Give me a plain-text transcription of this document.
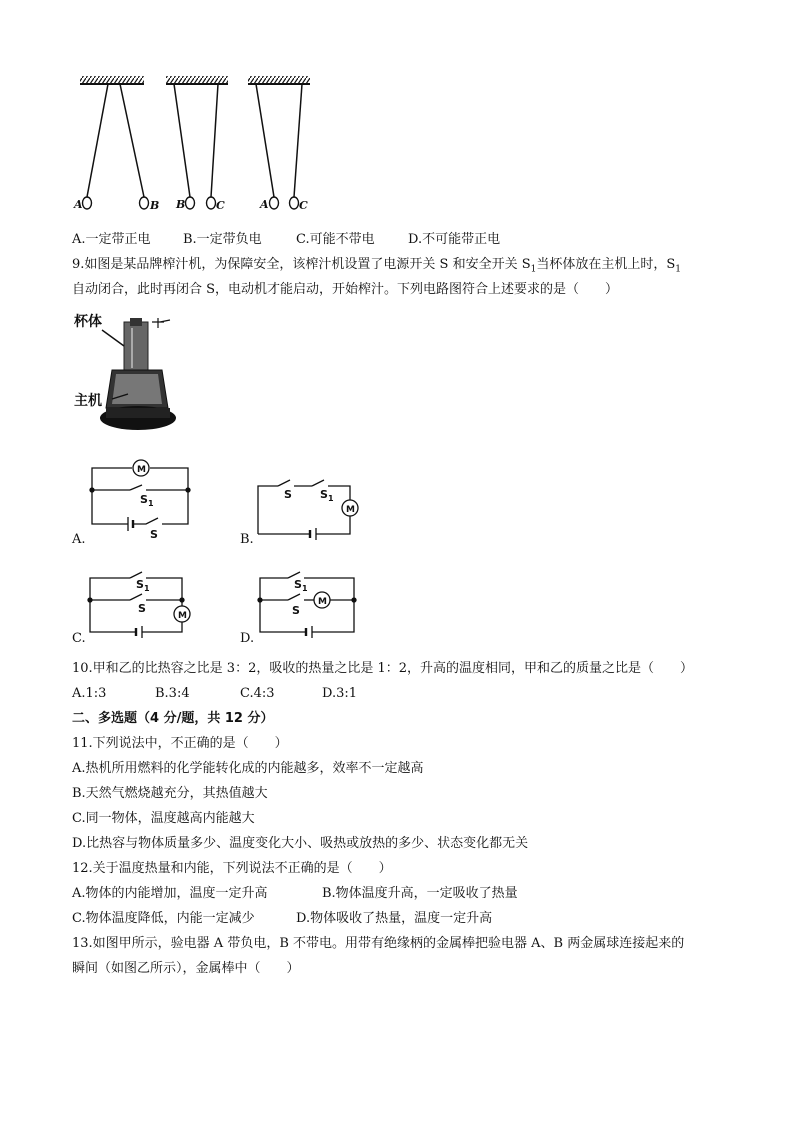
A	B B	C	A	C
A.一定带正电 B.一定带负电	C.可能不带电	D.不可能带正电
9.如图是某品牌榨汁机，为保障安全，该榨汁机设置了电源开关 S 和安全开关 $S_1$当杯体放在主机上时，$S_1$
自动闭合，此时再闭合 S，电动机才能启动，开始榨汁。下列电路图符合上述要求的是（　　）
杯体
主机
M
$S_1$
S
A.
S	$S_1$
M
B.
$S_1$
S
M
C.
$S_1$
S
M
D.
10.甲和乙的比热容之比是 3：2，吸收的热量之比是 1：2，升高的温度相同，甲和乙的质量之比是（　　）
A.1:3	B.3:4	C.4:3	D.3:1
二、多选题（4 分/题，共 12 分）
11.下列说法中，不正确的是（　　）
A.热机所用燃料的化学能转化成的内能越多，效率不一定越高
B.天然气燃烧越充分，其热值越大
C.同一物体，温度越高内能越大
D.比热容与物体质量多少、温度变化大小、吸热或放热的多少、状态变化都无关
12.关于温度热量和内能，下列说法不正确的是（　　）
A.物体的内能增加，温度一定升高	B.物体温度升高，一定吸收了热量
C.物体温度降低，内能一定减少	D.物体吸收了热量，温度一定升高
13.如图甲所示，验电器 A 带负电，B 不带电。用带有绝缘柄的金属棒把验电器 A、B 两金属球连接起来的
瞬间（如图乙所示），金属棒中（　　）
